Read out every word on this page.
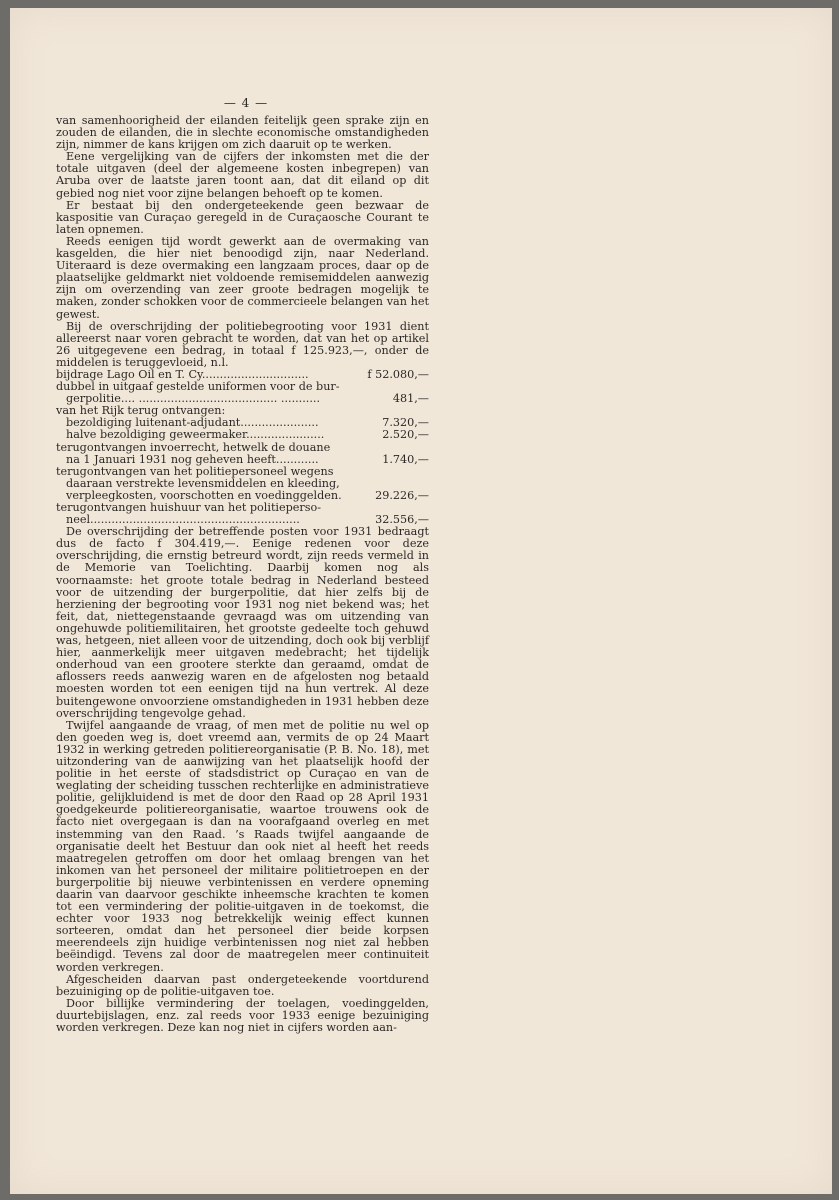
— 4 —

van samenhoorigheid der eilanden feitelijk geen sprake zijn en zouden de eilanden, die in slechte economische omstandigheden zijn, nimmer de kans krijgen om zich daaruit op te werken.

Eene vergelijking van de cijfers der inkomsten met die der totale uitgaven (deel der algemeene kosten inbegrepen) van Aruba over de laatste jaren toont aan, dat dit eiland op dit gebied nog niet voor zijne belangen behoeft op te komen.

Er bestaat bij den ondergeteekende geen bezwaar de kaspositie van Curaçao geregeld in de Curaçaosche Courant te laten opnemen.

Reeds eenigen tijd wordt gewerkt aan de overmaking van kasgelden, die hier niet benoodigd zijn, naar Nederland. Uiteraard is deze overmaking een langzaam proces, daar op de plaatselijke geldmarkt niet voldoende remisemiddelen aanwezig zijn om overzending van zeer groote bedragen mogelijk te maken, zonder schokken voor de commercieele belangen van het gewest.

Bij de overschrijding der politiebegrooting voor 1931 dient allereerst naar voren gebracht te worden, dat van het op artikel 26 uitgegevene een bedrag, in totaal f 125.923,—, onder de middelen is teruggevloeid, n.l.

bijdrage Lago Oil en T. Cy..............................	f 52.080,—
dubbel in uitgaaf gestelde uniformen voor de bur-
gerpolitie.... ....................................... ...........	481,—
van het Rijk terug ontvangen:
bezoldiging luitenant-adjudant......................	7.320,—
halve bezoldiging geweermaker......................	2.520,—
terugontvangen invoerrecht, hetwelk de douane
na 1 Januari 1931 nog geheven heeft............	1.740,—
terugontvangen van het politiepersoneel wegens
daaraan verstrekte levensmiddelen en kleeding,
verpleegkosten, voorschotten en voedinggelden.	29.226,—
terugontvangen huishuur van het politieperso-
neel...........................................................	32.556,—

De overschrijding der betreffende posten voor 1931 bedraagt dus de facto f 304.419,—. Eenige redenen voor deze overschrijding, die ernstig betreurd wordt, zijn reeds vermeld in de Memorie van Toelichting. Daarbij komen nog als voornaamste: het groote totale bedrag in Nederland besteed voor de uitzending der burgerpolitie, dat hier zelfs bij de herziening der begrooting voor 1931 nog niet bekend was; het feit, dat, niettegenstaande gevraagd was om uitzending van ongehuwde politiemilitairen, het grootste gedeelte toch gehuwd was, hetgeen, niet alleen voor de uitzending, doch ook bij verblijf hier, aanmerkelijk meer uitgaven medebracht; het tijdelijk onderhoud van een grootere sterkte dan geraamd, omdat de aflossers reeds aanwezig waren en de afgelosten nog betaald moesten worden tot een eenigen tijd na hun vertrek. Al deze buitengewone onvoorziene omstandigheden in 1931 hebben deze overschrijding tengevolge gehad.

Twijfel aangaande de vraag, of men met de politie nu wel op den goeden weg is, doet vreemd aan, vermits de op 24 Maart 1932 in werking getreden politiereorganisatie (P. B. No. 18), met uitzondering van de aanwijzing van het plaatselijk hoofd der politie in het eerste of stadsdistrict op Curaçao en van de weglating der scheiding tusschen rechterlijke en administratieve politie, gelijkluidend is met de door den Raad op 28 April 1931 goedgekeurde politiereorganisatie, waartoe trouwens ook de facto niet overgegaan is dan na voorafgaand overleg en met instemming van den Raad. ’s Raads twijfel aangaande de organisatie deelt het Bestuur dan ook niet al heeft het reeds maatregelen getroffen om door het omlaag brengen van het inkomen van het personeel der militaire politietroepen en der burgerpolitie bij nieuwe verbintenissen en verdere opneming daarin van daarvoor geschikte inheemsche krachten te komen tot een vermindering der politie-uitgaven in de toekomst, die echter voor 1933 nog betrekkelijk weinig effect kunnen sorteeren, omdat dan het personeel dier beide korpsen meerendeels zijn huidige verbintenissen nog niet zal hebben beëindigd. Tevens zal door de maatregelen meer continuiteit worden verkregen.

Afgescheiden daarvan past ondergeteekende voortdurend bezuiniging op de politie-uitgaven toe.

Door billijke vermindering der toelagen, voedinggelden, duurtebijslagen, enz. zal reeds voor 1933 eenige bezuiniging worden verkregen. Deze kan nog niet in cijfers worden aan-
